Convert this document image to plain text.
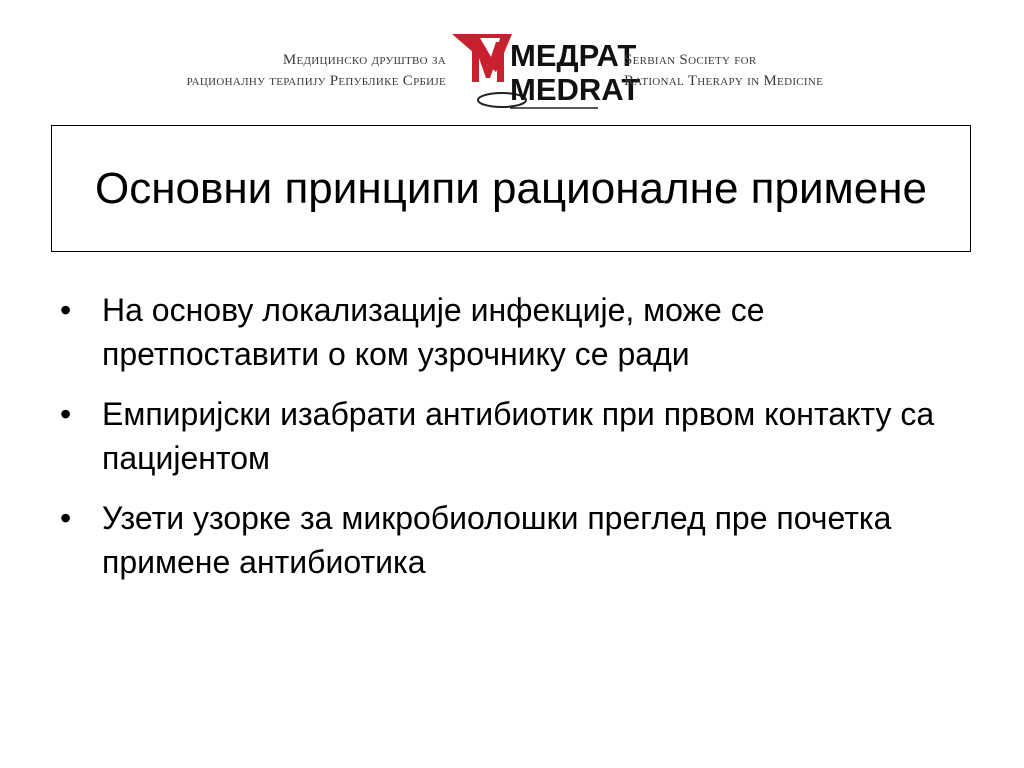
Медицинско друштво за
рационалну терапију Републике Србије
МЕДРАТ
MEDRAT
Serbian Society for
Rational Therapy in Medicine
Основни принципи рационалне примене
• На основу локализације инфекције, може се претпоставити о ком узрочнику се ради
• Емпиријски изабрати антибиотик при првом контакту са пацијентом
• Узети узорке за микробиолошки преглед пре почетка примене антибиотика
